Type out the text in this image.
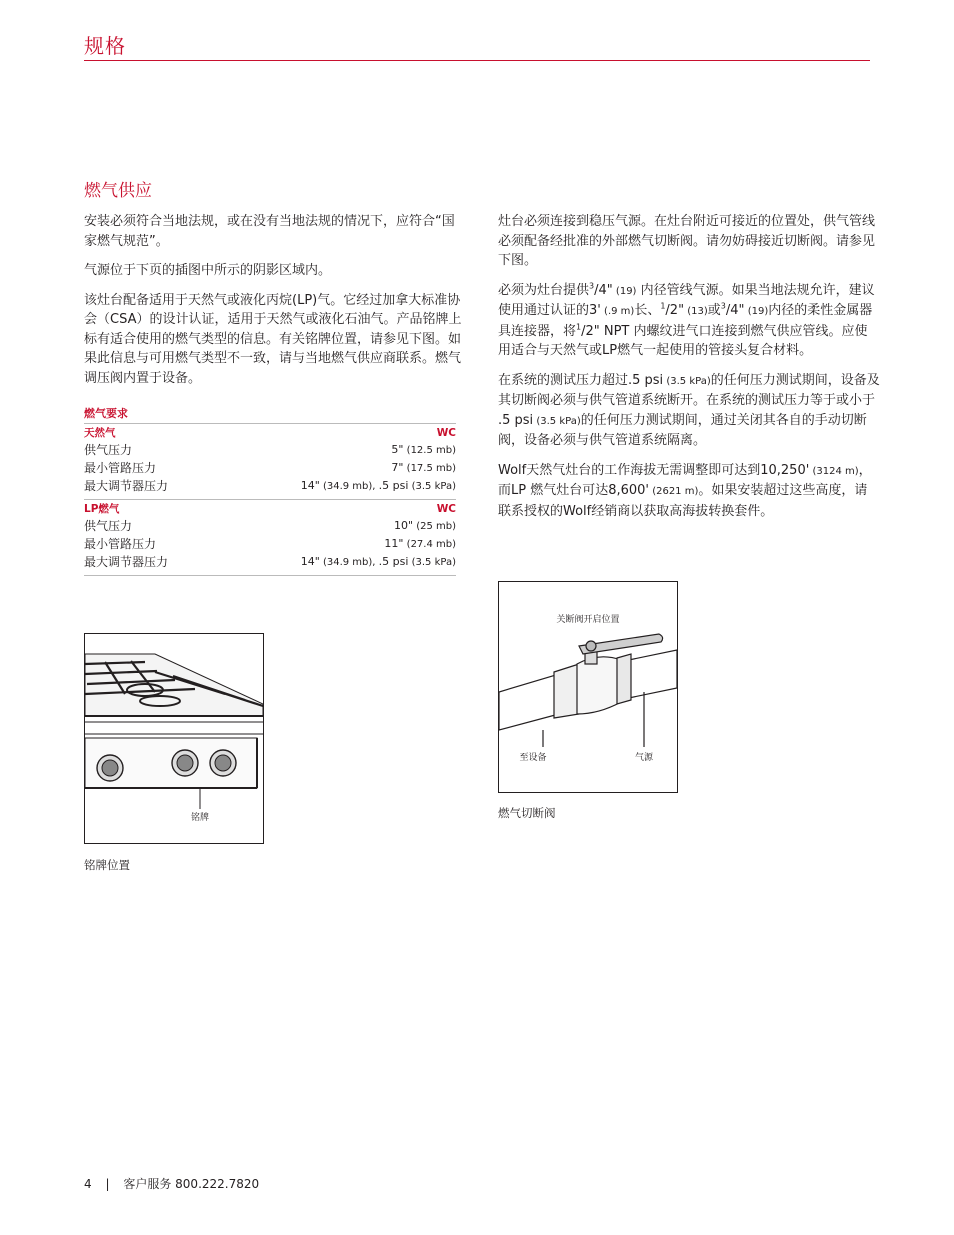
规格
燃气供应

安装必须符合当地法规，或在没有当地法规的情况下，应符合“国家燃气规范”。

气源位于下页的插图中所示的阴影区域内。

该灶台配备适用于天然气或液化丙烷(LP)气。它经过加拿大标准协会（CSA）的设计认证，适用于天然气或液化石油气。产品铭牌上标有适合使用的燃气类型的信息。有关铭牌位置，请参见下图。如果此信息与可用燃气类型不一致，请与当地燃气供应商联系。燃气调压阀内置于设备。

燃气要求
天然气	WC
供气压力	5" (12.5 mb)
最小管路压力	7" (17.5 mb)
最大调节器压力	14" (34.9 mb), .5 psi (3.5 kPa)
LP燃气	WC
供气压力	10" (25 mb)
最小管路压力	11" (27.4 mb)
最大调节器压力	14" (34.9 mb), .5 psi (3.5 kPa)

灶台必须连接到稳压气源。在灶台附近可接近的位置处，供气管线必须配备经批准的外部燃气切断阀。请勿妨碍接近切断阀。请参见下图。

必须为灶台提供$^3$/4" (19) 内径管线气源。如果当地法规允许，建议使用通过认证的3' (.9 m)长、$^1$/2" (13)或$^3$/4" (19)内径的柔性金属器具连接器，将$^1$/2" NPT 内螺纹进气口连接到燃气供应管线。应使用适合与天然气或LP燃气一起使用的管接头复合材料。

在系统的测试压力超过.5 psi (3.5 kPa)的任何压力测试期间，设备及其切断阀必须与供气管道系统断开。在系统的测试压力等于或小于 .5 psi (3.5 kPa)的任何压力测试期间，通过关闭其各自的手动切断阀，设备必须与供气管道系统隔离。

Wolf天然气灶台的工作海拔无需调整即可达到10,250' (3124 m)，而LP 燃气灶台可达8,600' (2621 m)。如果安装超过这些高度，请联系授权的Wolf经销商以获取高海拔转换套件。

铭牌
铭牌位置
关断阀开启位置
至设备	气源
燃气切断阀
4 | 客户服务 800.222.7820
